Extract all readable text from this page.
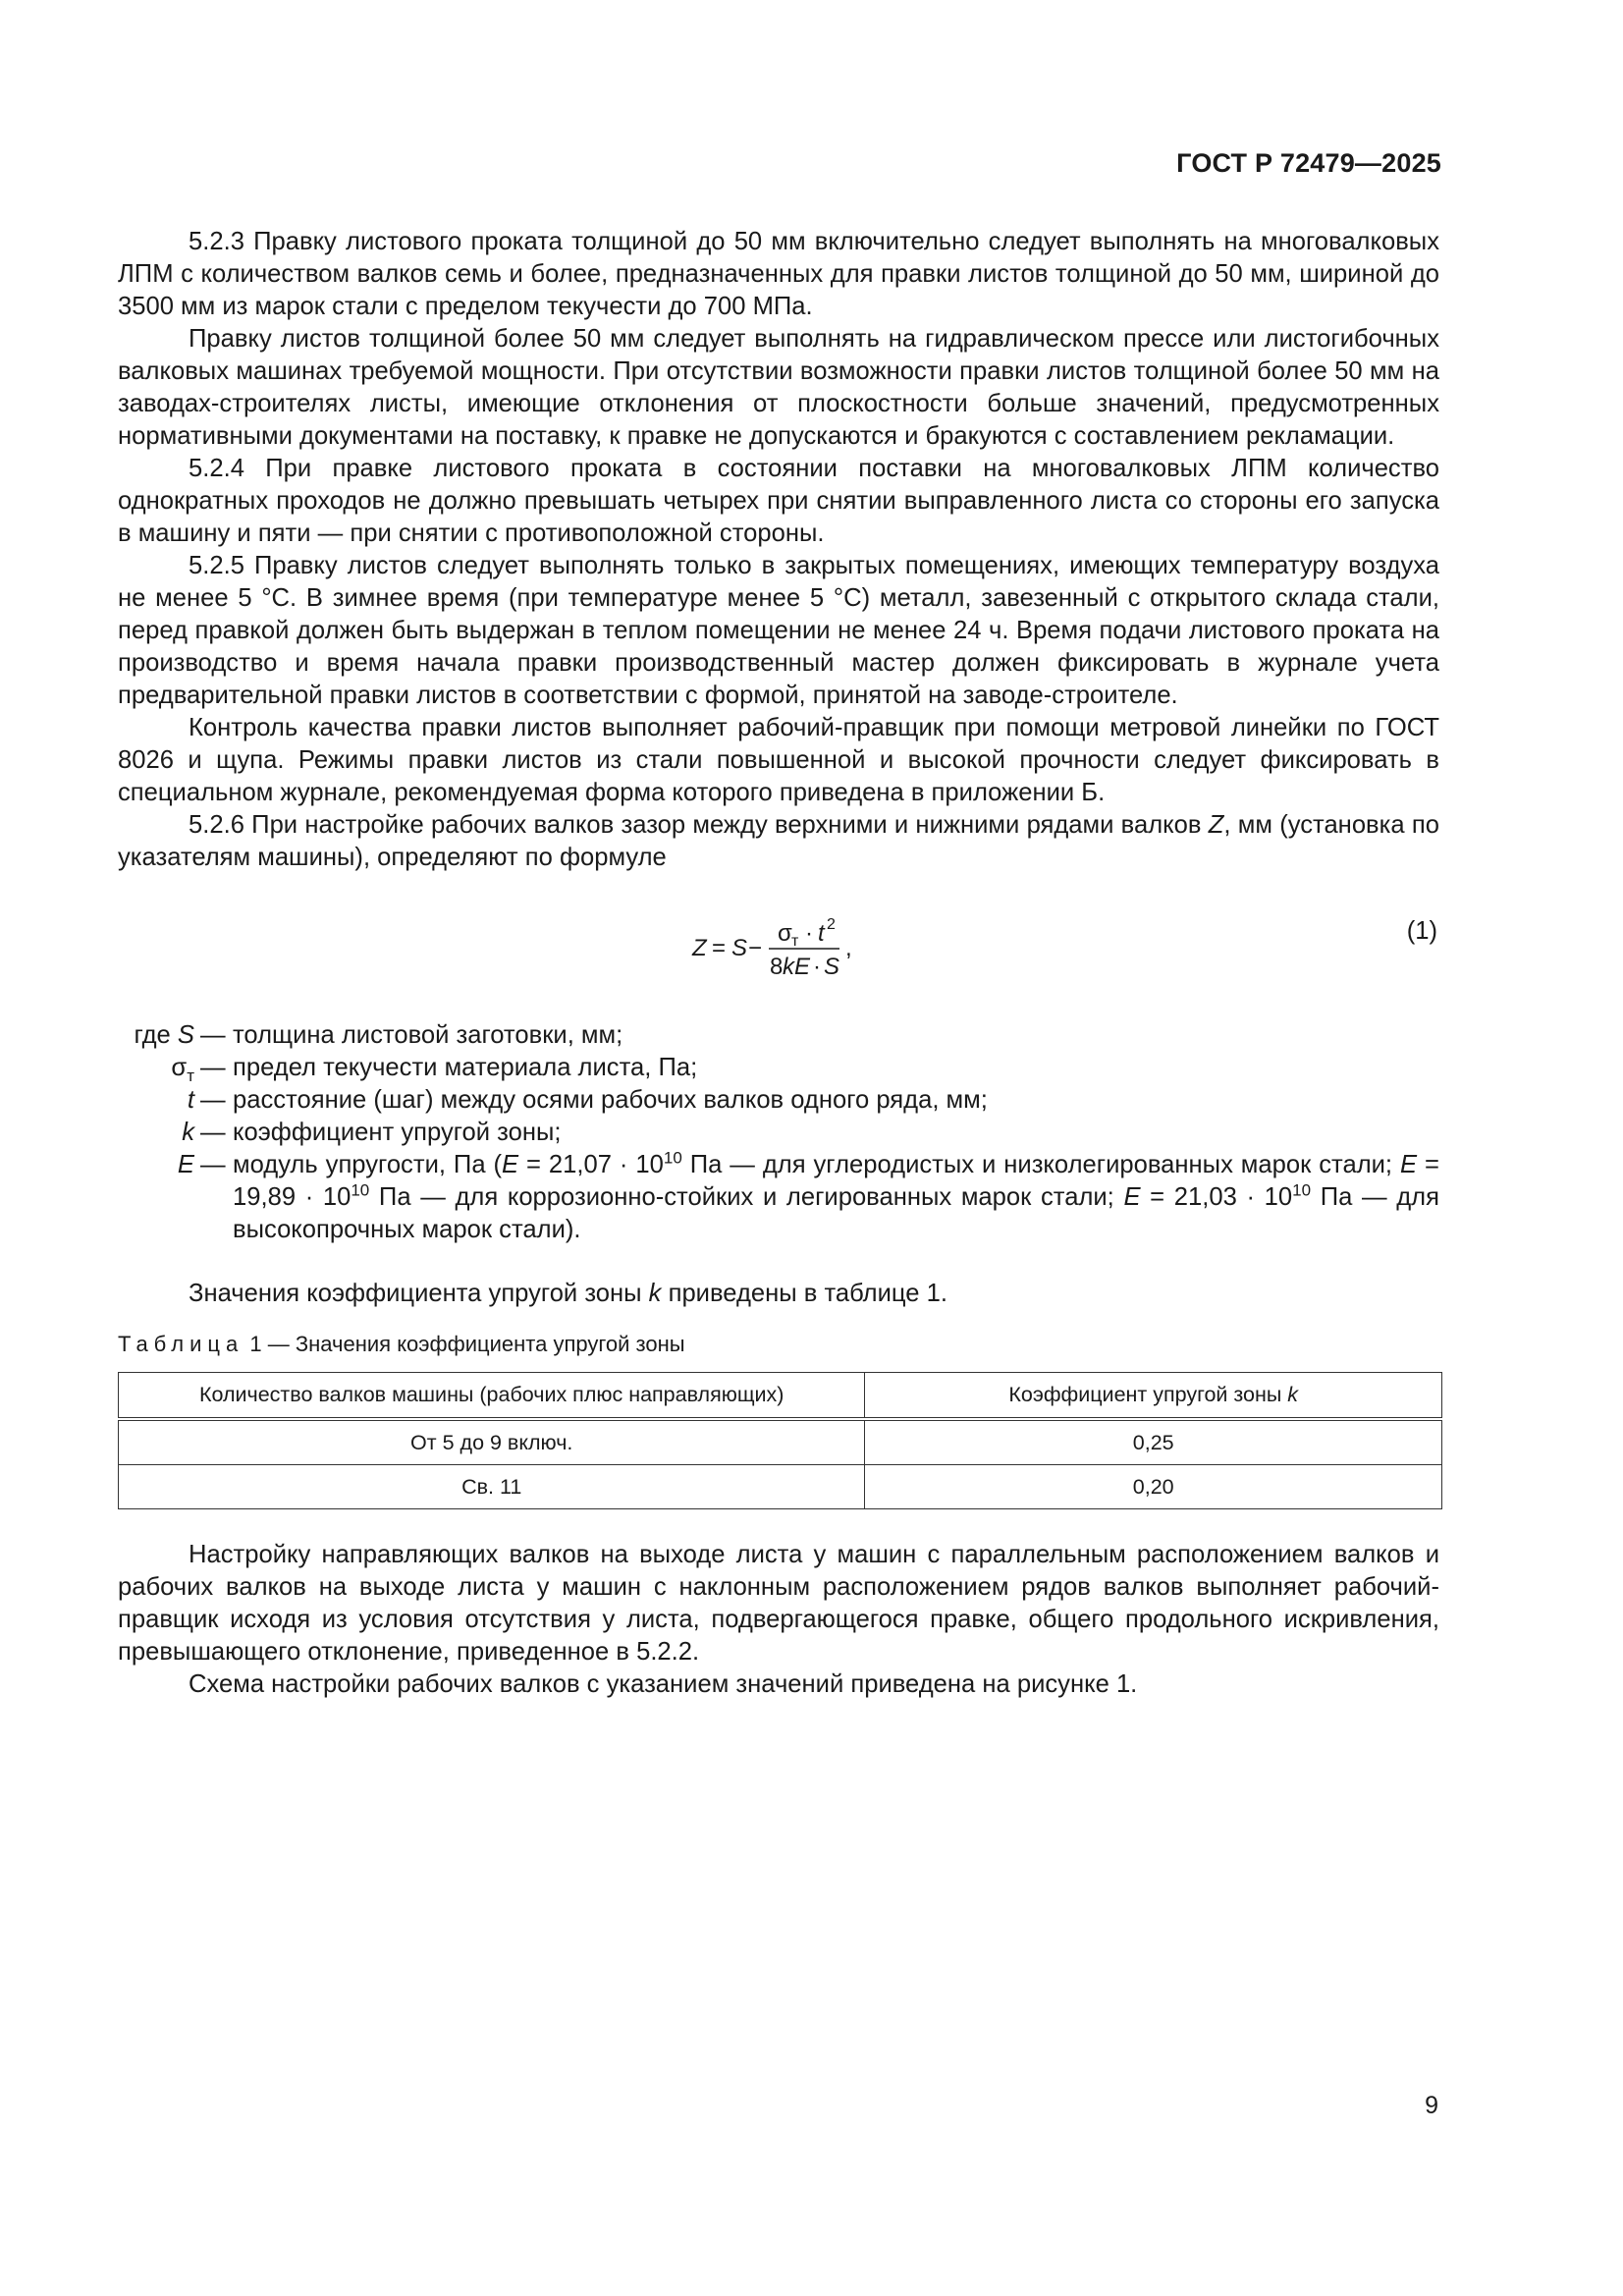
ГОСТ Р 72479—2025

5.2.3 Правку листового проката толщиной до 50 мм включительно следует выполнять на многовалковых ЛПМ с количеством валков семь и более, предназначенных для правки листов толщиной до 50 мм, шириной до 3500 мм из марок стали с пределом текучести до 700 МПа.

Правку листов толщиной более 50 мм следует выполнять на гидравлическом прессе или листогибочных валковых машинах требуемой мощности. При отсутствии возможности правки листов толщиной более 50 мм на заводах-строителях листы, имеющие отклонения от плоскостности больше значений, предусмотренных нормативными документами на поставку, к правке не допускаются и бракуются с составлением рекламации.

5.2.4 При правке листового проката в состоянии поставки на многовалковых ЛПМ количество однократных проходов не должно превышать четырех при снятии выправленного листа со стороны его запуска в машину и пяти — при снятии с противоположной стороны.

5.2.5 Правку листов следует выполнять только в закрытых помещениях, имеющих температуру воздуха не менее 5 °С. В зимнее время (при температуре менее 5 °С) металл, завезенный с открытого склада стали, перед правкой должен быть выдержан в теплом помещении не менее 24 ч. Время подачи листового проката на производство и время начала правки производственный мастер должен фиксировать в журнале учета предварительной правки листов в соответствии с формой, принятой на заводе-строителе.

Контроль качества правки листов выполняет рабочий-правщик при помощи метровой линейки по ГОСТ 8026 и щупа. Режимы правки листов из стали повышенной и высокой прочности следует фиксировать в специальном журнале, рекомендуемая форма которого приведена в приложении Б.

5.2.6 При настройке рабочих валков зазор между верхними и нижними рядами валков Z, мм (установка по указателям машины), определяют по формуле

Z = S −
σ т · t 2
8 kE · S
,
(1)
где S — толщина листовой заготовки, мм;
$\sigma_т$ — предел текучести материала листа, Па;
t — расстояние (шаг) между осями рабочих валков одного ряда, мм;
k — коэффициент упругой зоны;
E — модуль упругости, Па ($E = 21,07 \cdot 10^{10}$ Па — для углеродистых и низколегированных марок стали; $E = 19,89 \cdot 10^{10}$ Па — для коррозионно-стойких и легированных марок стали; $E = 21,03 \cdot 10^{10}$ Па — для высокопрочных марок стали).

Значения коэффициента упругой зоны k приведены в таблице 1.

Таблица 1 — Значения коэффициента упругой зоны
Количество валков машины (рабочих плюс направляющих)	Коэффициент упругой зоны k
От 5 до 9 включ.	0,25
Св. 11	0,20

Настройку направляющих валков на выходе листа у машин с параллельным расположением валков и рабочих валков на выходе листа у машин с наклонным расположением рядов валков выполняет рабочий-правщик исходя из условия отсутствия у листа, подвергающегося правке, общего продольного искривления, превышающего отклонение, приведенное в 5.2.2.

Схема настройки рабочих валков с указанием значений приведена на рисунке 1.

9
